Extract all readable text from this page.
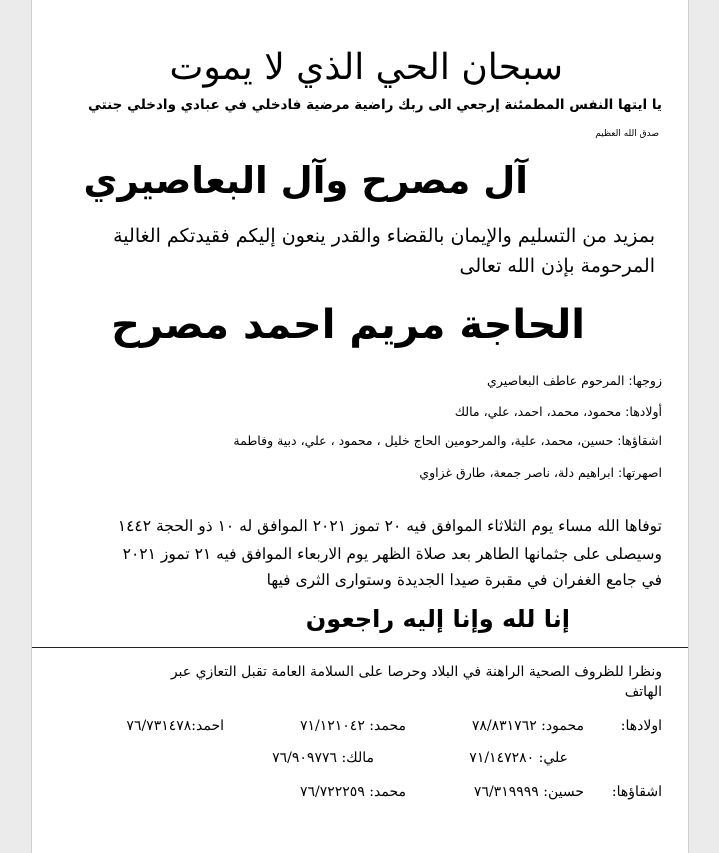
سبحان الحي الذي لا يموت
يا ايتها النفس المطمئنة إرجعي الى ربك راضية مرضية فادخلي في عبادي وادخلي جنتي
صدق الله العظيم
آل مصرح وآل البعاصيري
بمزيد من التسليم والإيمان بالقضاء والقدر ينعون إليكم فقيدتكم الغالية
المرحومة بإذن الله تعالى
الحاجة مريم احمد مصرح
زوجها: المرحوم عاطف البعاصيري
أولادها: محمود، محمد، احمد، علي، مالك
اشقاؤها: حسين، محمد، علية، والمرحومين الحاج خليل ، محمود ، علي، دبية وفاطمة
اصهرتها: ابراهيم دلة، ناصر جمعة، طارق غزاوي
توفاها الله مساء يوم الثلاثاء الموافق فيه ٢٠ تموز ٢٠٢١ الموافق له ١٠ ذو الحجة ١٤٤٢
وسيصلى على جثمانها الطاهر بعد صلاة الظهر يوم الاربعاء الموافق فيه ٢١ تموز ٢٠٢١
في جامع الغفران في مقبرة صيدا الجديدة وستوارى الثرى فيها
إنا لله وإنا إليه راجعون
ونظرا للظروف الصحية الراهنة في البلاد وحرصا على السلامة العامة تقبل التعازي عبر
الهاتف
اولادها:
محمود: ٧٨/٨٣١٧٦٢
محمد: ٧١/١٢١٠٤٢
احمد:٧٦/٧٣١٤٧٨
علي: ٧١/١٤٧٢٨٠
مالك: ٧٦/٩٠٩٧٧٦
اشقاؤها:
حسين: ٧٦/٣١٩٩٩٩
محمد: ٧٦/٧٢٢٢٥٩
